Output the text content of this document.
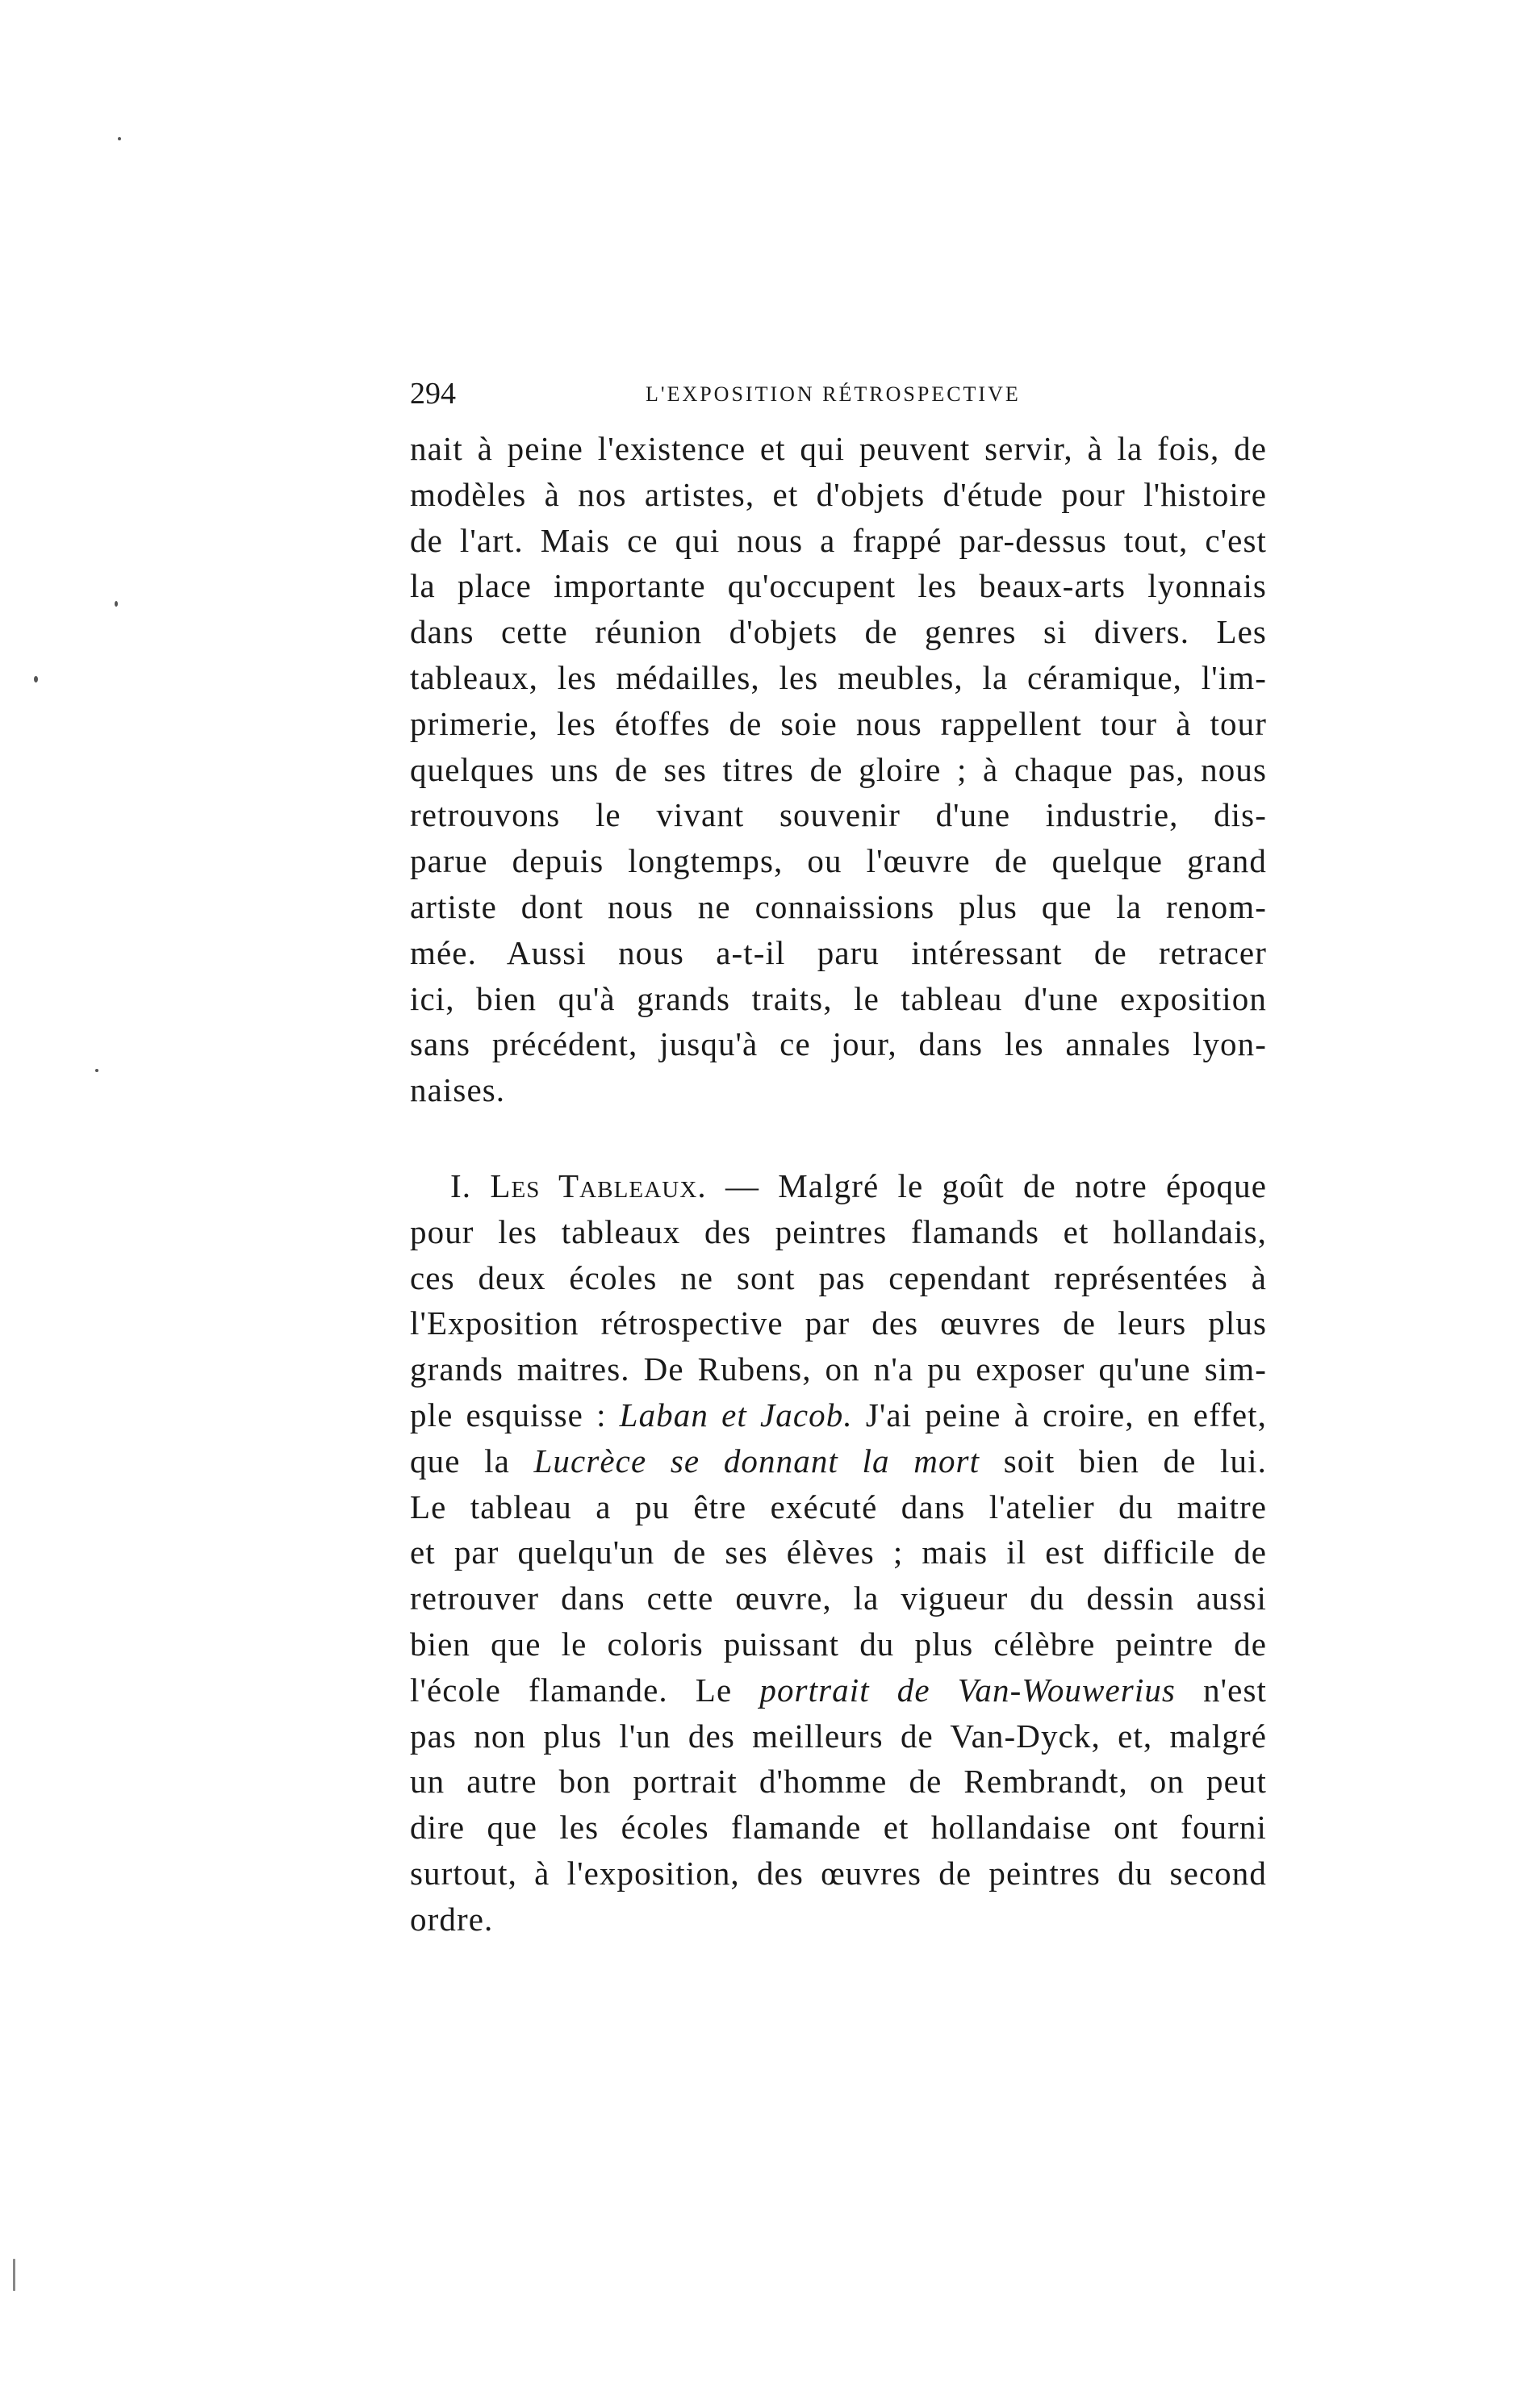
294	L'EXPOSITION RÉTROSPECTIVE
nait à peine l'existence et qui peuvent servir, à la fois, de
modèles à nos artistes, et d'objets d'étude pour l'histoire
de l'art. Mais ce qui nous a frappé par-dessus tout, c'est
la place importante qu'occupent les beaux-arts lyonnais
dans cette réunion d'objets de genres si divers. Les
tableaux, les médailles, les meubles, la céramique, l'im-
primerie, les étoffes de soie nous rappellent tour à tour
quelques uns de ses titres de gloire ; à chaque pas, nous
retrouvons le vivant souvenir d'une industrie, dis-
parue depuis longtemps, ou l'œuvre de quelque grand
artiste dont nous ne connaissions plus que la renom-
mée. Aussi nous a-t-il paru intéressant de retracer
ici, bien qu'à grands traits, le tableau d'une exposition
sans précédent, jusqu'à ce jour, dans les annales lyon-
naises.
I. Les Tableaux. — Malgré le goût de notre époque
pour les tableaux des peintres flamands et hollandais,
ces deux écoles ne sont pas cependant représentées à
l'Exposition rétrospective par des œuvres de leurs plus
grands maitres. De Rubens, on n'a pu exposer qu'une sim-
ple esquisse : Laban et Jacob. J'ai peine à croire, en effet,
que la Lucrèce se donnant la mort soit bien de lui.
Le tableau a pu être exécuté dans l'atelier du maitre
et par quelqu'un de ses élèves ; mais il est difficile de
retrouver dans cette œuvre, la vigueur du dessin aussi
bien que le coloris puissant du plus célèbre peintre de
l'école flamande. Le portrait de Van-Wouwerius n'est
pas non plus l'un des meilleurs de Van-Dyck, et, malgré
un autre bon portrait d'homme de Rembrandt, on peut
dire que les écoles flamande et hollandaise ont fourni
surtout, à l'exposition, des œuvres de peintres du second
ordre.
